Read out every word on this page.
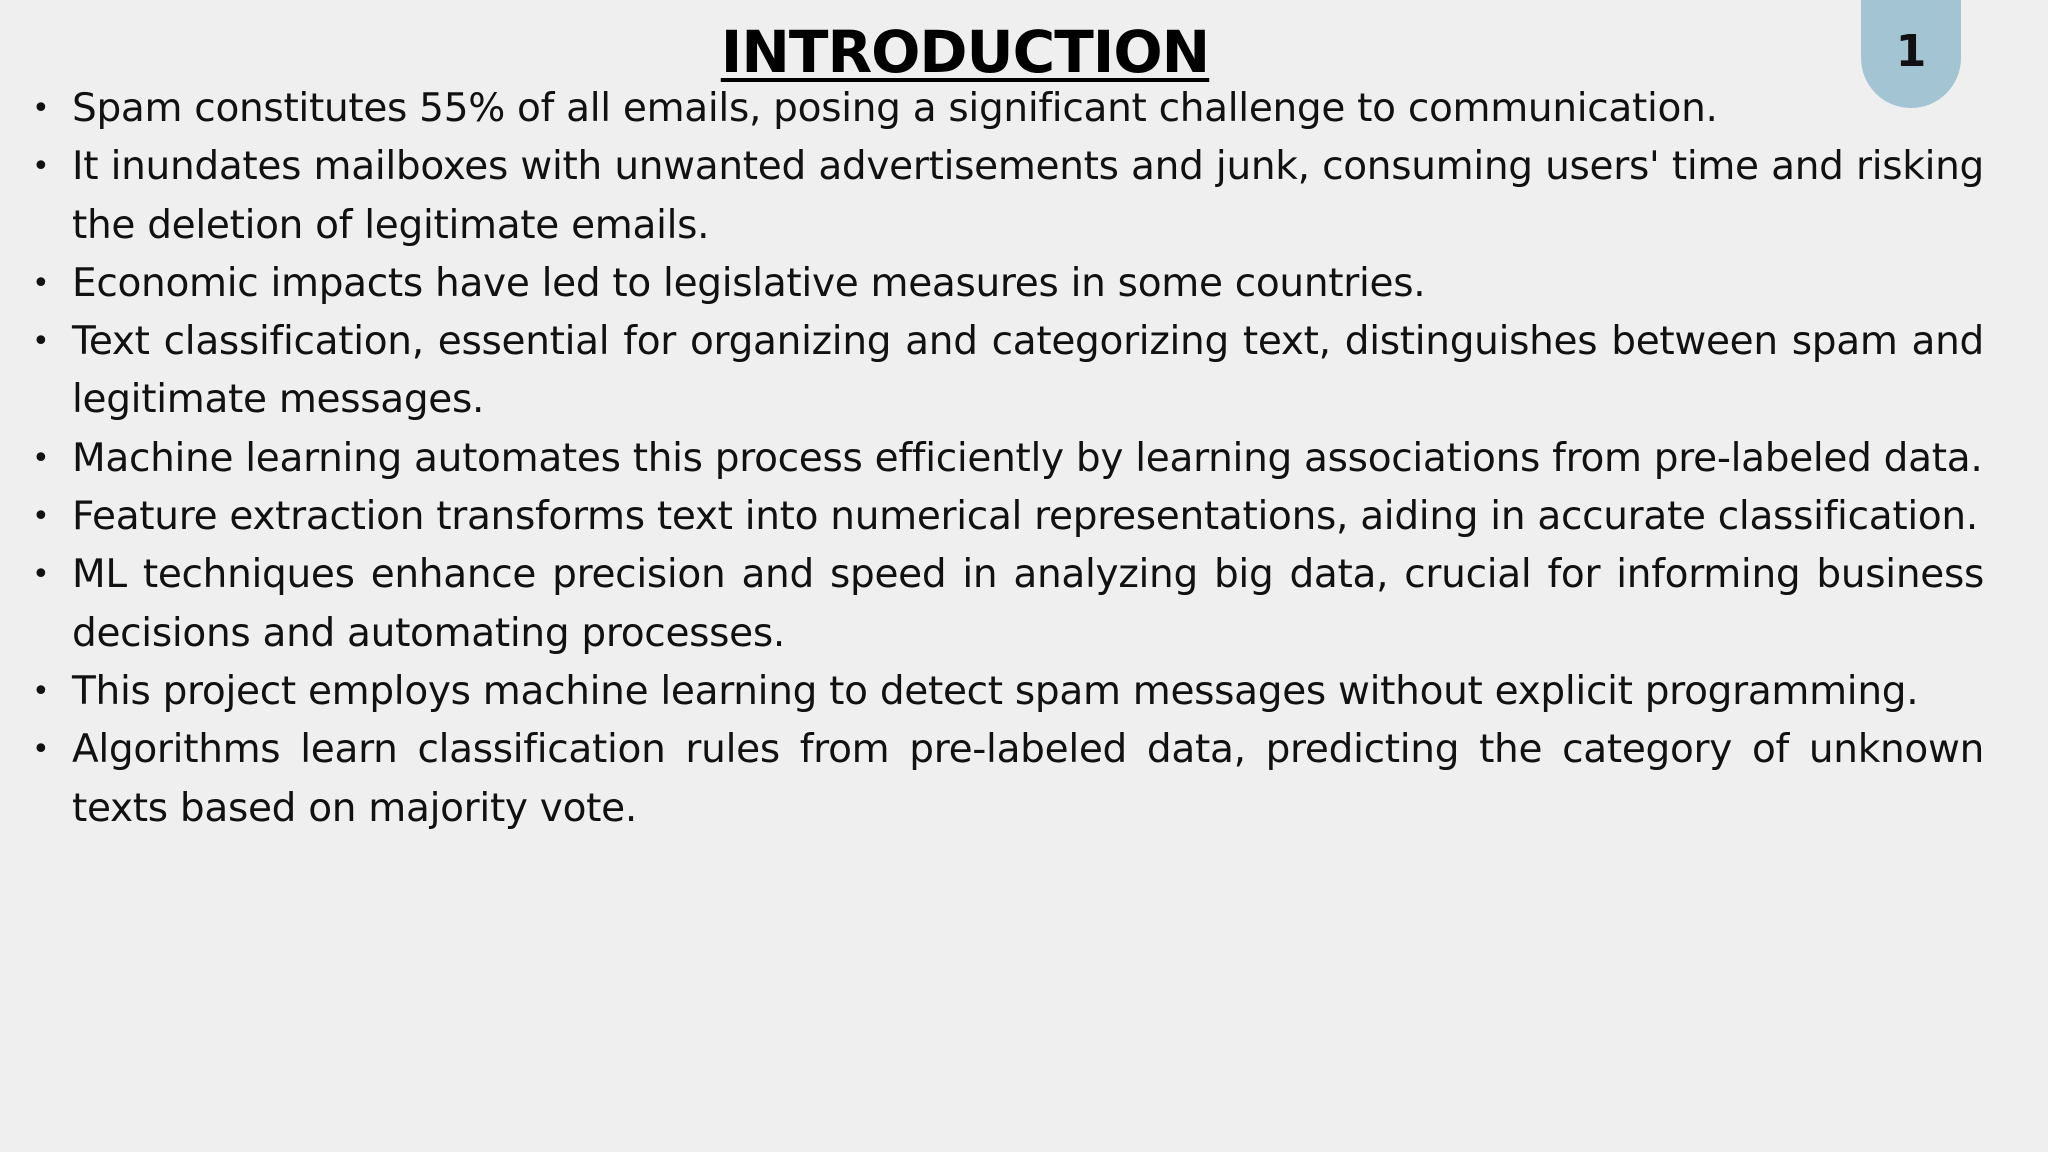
INTRODUCTION	1
• Spam constitutes 55% of all emails, posing a significant challenge to communication.
• It inundates mailboxes with unwanted advertisements and junk, consuming users' time and risking the deletion of legitimate emails.
• Economic impacts have led to legislative measures in some countries.
• Text classification, essential for organizing and categorizing text, distinguishes between spam and legitimate messages.
• Machine learning automates this process efficiently by learning associations from pre-labeled data.
• Feature extraction transforms text into numerical representations, aiding in accurate classification.
• ML techniques enhance precision and speed in analyzing big data, crucial for informing business decisions and automating processes.
• This project employs machine learning to detect spam messages without explicit programming.
• Algorithms learn classification rules from pre-labeled data, predicting the category of unknown texts based on majority vote.
